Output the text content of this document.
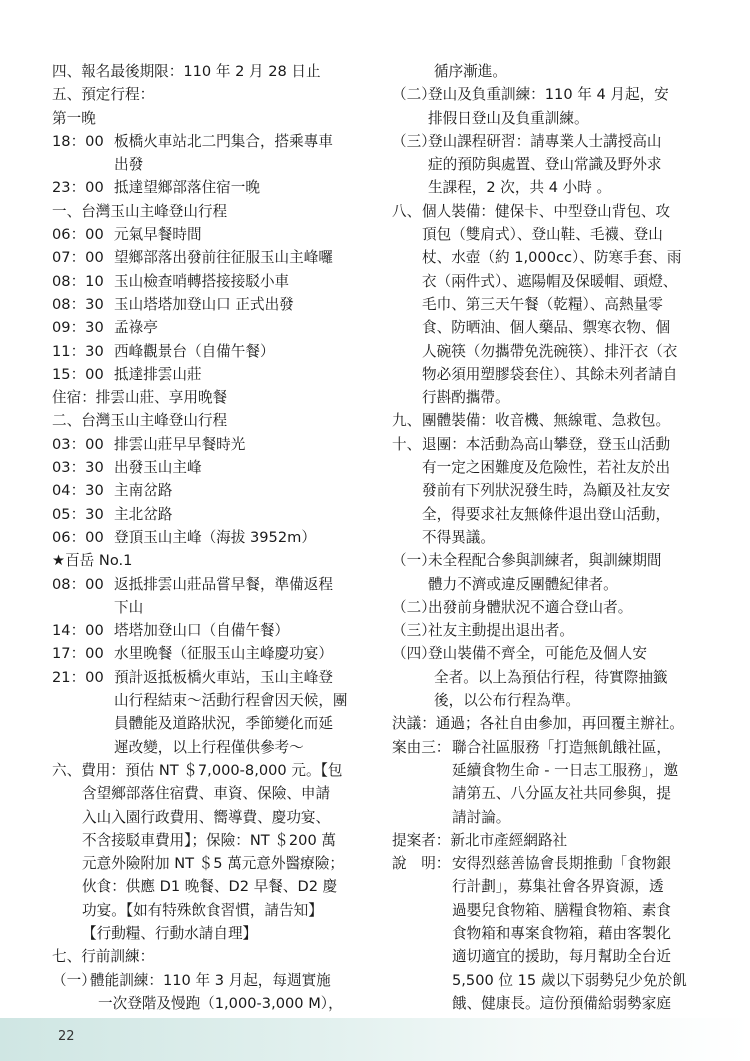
四、報名最後期限：110 年 2 月 28 日止
五、預定行程：
第一晚
18：00 板橋火車站北二門集合，搭乘專車
出發
23：00 抵達望鄉部落住宿一晚
一、台灣玉山主峰登山行程
06：00 元氣早餐時間
07：00 望鄉部落出發前往征服玉山主峰囉
08：10 玉山檢查哨轉搭接接駁小車
08：30 玉山塔塔加登山口 正式出發
09：30 孟祿亭
11：30 西峰觀景台（自備午餐）
15：00 抵達排雲山莊
住宿：排雲山莊、享用晚餐
二、台灣玉山主峰登山行程
03：00 排雲山莊早早餐時光
03：30 出發玉山主峰
04：30 主南岔路
05：30 主北岔路
06：00 登頂玉山主峰（海拔 3952m）
★百岳 No.1
08：00 返抵排雲山莊品嘗早餐，準備返程
下山
14：00 塔塔加登山口（自備午餐）
17：00 水里晚餐（征服玉山主峰慶功宴）
21：00 預計返抵板橋火車站，玉山主峰登
山行程結束～活動行程會因天候，團
員體能及道路狀況，季節變化而延
遲改變，以上行程僅供參考～
六、費用： 預估 NT ＄7,000-8,000 元。【包
含望鄉部落住宿費、車資、保險、申請
入山入園行政費用、嚮導費、慶功宴、
不含接駁車費用】；保險：NT ＄200 萬
元意外險附加 NT ＄5 萬元意外醫療險；
伙食：供應 D1 晚餐、D2 早餐、D2 慶
功宴。【如有特殊飲食習慣，請告知】
【行動糧、行動水請自理】
七、行前訓練：
（一）
體能訓練：110 年 3 月起，每週實施
一次登階及慢跑（1,000-3,000 M），
循序漸進。
（二）
登山及負重訓練：110 年 4 月起，安
排假日登山及負重訓練。
（三）
登山課程研習：請專業人士講授高山
症的預防與處置、登山常識及野外求
生課程，2 次，共 4 小時 。
八、 個人裝備：健保卡、中型登山背包、攻
頂包（雙肩式）、登山鞋、毛襪、登山
杖、水壺（約 1,000cc）、防寒手套、雨
衣（兩件式）、遮陽帽及保暖帽、頭燈、
毛巾、第三天午餐（乾糧）、高熱量零
食、防晒油、個人藥品、禦寒衣物、個
人碗筷（勿攜帶免洗碗筷）、排汗衣（衣
物必須用塑膠袋套住）、其餘未列者請自
行斟酌攜帶。
九、 團體裝備：收音機、無線電、急救包。
十、 退團：本活動為高山攀登，登玉山活動
有一定之困難度及危險性，若社友於出
發前有下列狀況發生時，為顧及社友安
全，得要求社友無條件退出登山活動，
不得異議。
（一）
未全程配合參與訓練者，與訓練期間
體力不濟或違反團體紀律者。
（二）
出發前身體狀況不適合登山者。
（三）
社友主動提出退出者。
（四）
登山裝備不齊全，可能危及個人安
全者。以上為預估行程，待實際抽籤
後，以公布行程為準。
決議：通過；各社自由參加，再回覆主辦社。
案由三： 聯合社區服務「打造無飢餓社區，
延續食物生命 - 一日志工服務」，邀
請第五、八分區友社共同參與，提
請討論。
提案者：新北市產經網路社
說　明： 安得烈慈善協會長期推動「食物銀
行計劃」，募集社會各界資源，透
過嬰兒食物箱、膳糧食物箱、素食
食物箱和專案食物箱，藉由客製化
適切適宜的援助，每月幫助全台近
5,500 位 15 歲以下弱勢兒少免於飢
餓、健康長。這份預備給弱勢家庭
22
